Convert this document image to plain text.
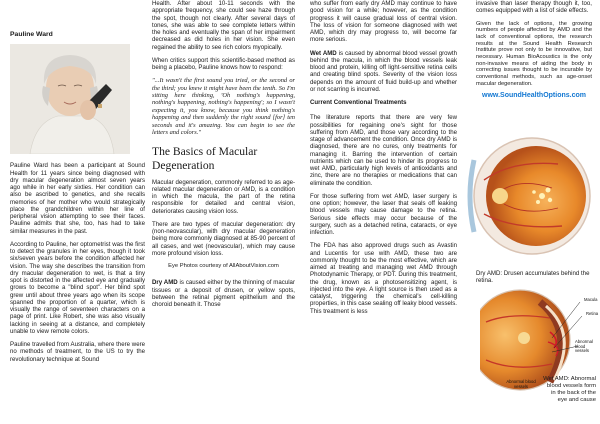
Pauline Ward

Pauline Ward has been a participant at Sound Health for 11 years since being diagnosed with dry macular degeneration almost seven years ago while in her early sixties. Her condition can also be ascribed to genetics, and she recalls memories of her mother who would strategically place the grandchildren within her line of peripheral vision attempting to see their faces. Pauline admits that she, too, has had to take similar measures in the past.

According to Pauline, her optometrist was the first to detect the granules in her eyes, though it took six/seven years before the condition affected her vision. The way she describes the transition from dry macular degeneration to wet, is that a tiny spot is distorted in the affected eye and gradually grows to become a "blind spot". Her blind spot grew until about three years ago when its scope spanned the proportion of a quarter, which is visually the range of seventeen characters on a page of print. Like Robert, she was also visually lacking in seeing at a distance, and completely unable to view remote colors.

Pauline travelled from Australia, where there were no methods of treatment, to the US to try the revolutionary technique at Sound

Health. After about 10-11 seconds with the appropriate frequency, she could see haze through the spot, though not clearly. After several days of tones, she was able to see complete letters within the holes and eventually the span of her impairment decreased as did holes in her vision. She even regained the ability to see rich colors myopically.

When critics support this scientific-based method as being a placebo, Pauline knows how to respond:

"...It wasn't the first sound you tried, or the second or the third; you knew it might have been the tenth. So I'm sitting here thinking, 'Oh nothing's happening, nothing's happening, nothing's happening'; so I wasn't expecting it, you know, because you think nothing's happening and then suddenly the right sound [for] ten seconds and it's amazing. You can begin to see the letters and colors."
The Basics of Macular Degeneration

Macular degeneration, commonly referred to as age-related macular degeneration or AMD, is a condition in which the macula, the part of the retina responsible for detailed and central vision, deteriorates causing vision loss.

There are two types of macular degeneration: dry (non-neovascular), with dry macular degeneration being more commonly diagnosed at 85-90 percent of all cases, and wet (neovascular), which may cause more profound vision loss.

Eye Photos courtesy of AllAboutVision.com

Dry AMD is caused either by the thinning of macular tissues or a deposit of drusen, or yellow spots, between the retinal pigment epithelium and the choroid beneath it. Those

who suffer from early dry AMD may continue to have good vision for a while; however, as the condition progress it will cause gradual loss of central vision. The loss of vision for someone diagnosed with wet AMD, which dry may progress to, will become far more serious.

Wet AMD is caused by abnormal blood vessel growth behind the macula, in which the blood vessels leak blood and protein, killing off light-sensitive retina cells and creating blind spots. Severity of the vision loss depends on the amount of fluid build-up and whether or not scarring is incurred.

Current Conventional Treatments

The literature reports that there are very few possibilities for regaining one's sight for those suffering from AMD, and those vary according to the stage of advancement the condition. Once dry AMD is diagnosed, there are no cures, only treatments for managing it. Barring the intervention of certain nutrients which can be used to hinder its progress to wet AMD, particularly high levels of antioxidants and zinc, there are no therapies or medications that can eliminate the condition.

For those suffering from wet AMD, laser surgery is one option; however, the laser that seals off leaking blood vessels may cause damage to the retina. Serious side effects may occur because of the surgery, such as a detached retina, cataracts, or eye infection.

The FDA has also approved drugs such as Avastin and Lucentis for use with AMD, these two are commonly thought to be the most effective, which are aimed at treating and managing wet AMD through Photodynamic Therapy, or PDT. During this treatment, the drug, known as a photosensitizing agent, is injected into the eye. A light source is then used as a catalyst, triggering the chemical's cell-killing properties, in this case sealing off leaky blood vessels. This treatment is less

invasive than laser therapy though it, too, comes equipped with a list of side effects.

Given the lack of options, the growing numbers of people affected by AMD and the lack of conventional options, the research results at the Sound Health Research Institute prove not only to be innovative, but necessary. Human BioAcoustics is the only non-invasive means of aiding the body in correcting issues thought to be incurable by conventional methods, such as age-onset macular degeneration.

www.SoundHealthOptions.com
Dry AMD: Drusen accumulates behind the retina.
Macula
Retina
Abnormal blood vessels
Abnormal blood vessels
Wet AMD: Abnormal blood vessels form in the back of the eye and cause
